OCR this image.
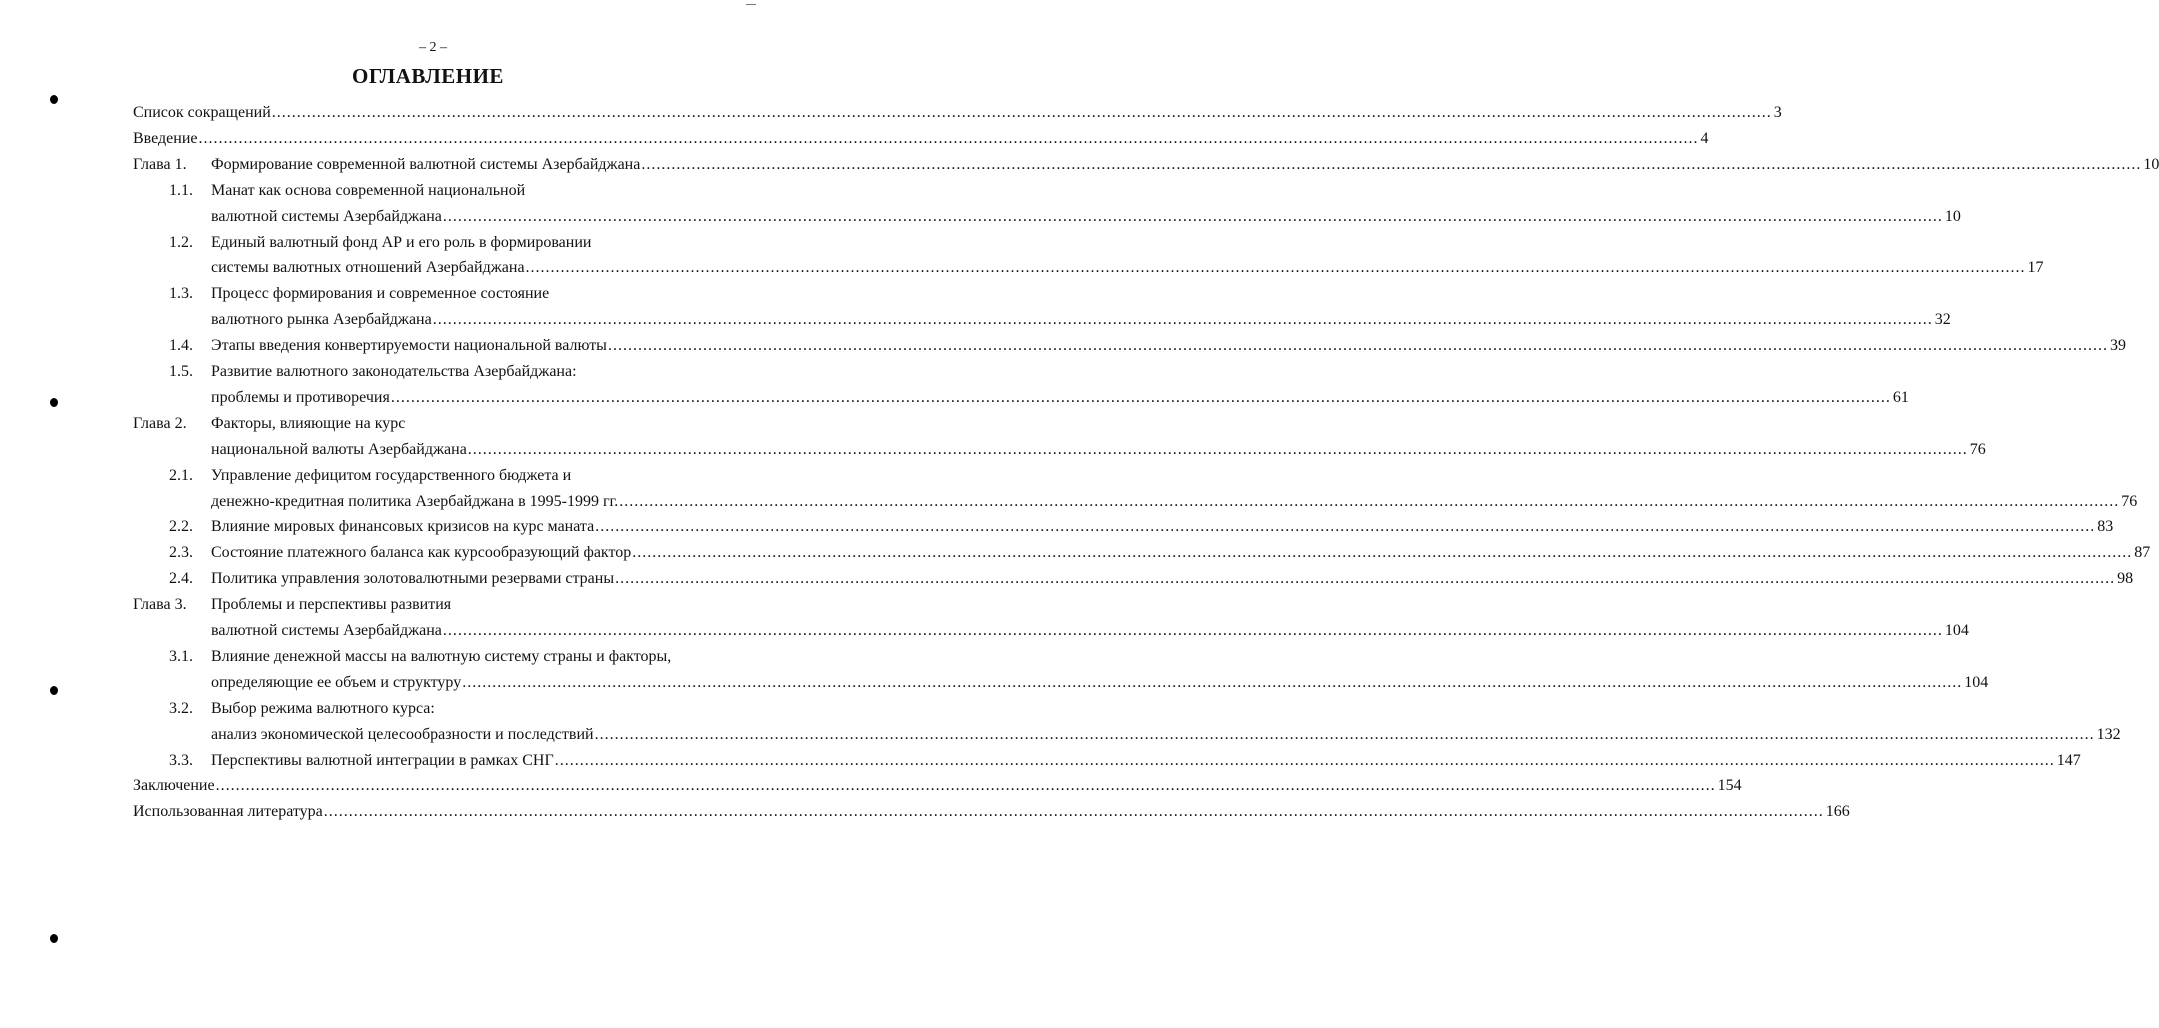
– 2 –
ОГЛАВЛЕНИЕ
Список сокращений ............................................................................................................................................................................................................................................................................................................ 3
Введение ............................................................................................................................................................................................................................................................................................................ 4
Глава 1. Формирование современной валютной системы Азербайджана ............................................................................................................................................................................................................................................................................................................ 10
1.1. Манат как основа современной национальной
валютной системы Азербайджана ............................................................................................................................................................................................................................................................................................................ 10
1.2. Единый валютный фонд АР и его роль в формировании
системы валютных отношений Азербайджана ............................................................................................................................................................................................................................................................................................................ 17
1.3. Процесс формирования и современное состояние
валютного рынка Азербайджана ............................................................................................................................................................................................................................................................................................................ 32
1.4. Этапы введения конвертируемости национальной валюты ............................................................................................................................................................................................................................................................................................................ 39
1.5. Развитие валютного законодательства Азербайджана:
проблемы и противоречия ............................................................................................................................................................................................................................................................................................................ 61
Глава 2. Факторы, влияющие на курс
национальной валюты Азербайджана ............................................................................................................................................................................................................................................................................................................ 76
2.1. Управление дефицитом государственного бюджета и
денежно-кредитная политика Азербайджана в 1995-1999 гг. ............................................................................................................................................................................................................................................................................................................ 76
2.2. Влияние мировых финансовых кризисов на курс маната ............................................................................................................................................................................................................................................................................................................ 83
2.3. Состояние платежного баланса как курсообразующий фактор ............................................................................................................................................................................................................................................................................................................ 87
2.4. Политика управления золотовалютными резервами страны ............................................................................................................................................................................................................................................................................................................ 98
Глава 3. Проблемы и перспективы развития
валютной системы Азербайджана ............................................................................................................................................................................................................................................................................................................ 104
3.1. Влияние денежной массы на валютную систему страны и факторы,
определяющие ее объем и структуру ............................................................................................................................................................................................................................................................................................................ 104
3.2. Выбор режима валютного курса:
анализ экономической целесообразности и последствий ............................................................................................................................................................................................................................................................................................................ 132
3.3. Перспективы валютной интеграции в рамках СНГ ............................................................................................................................................................................................................................................................................................................ 147
Заключение ............................................................................................................................................................................................................................................................................................................ 154
Использованная литература ............................................................................................................................................................................................................................................................................................................ 166
